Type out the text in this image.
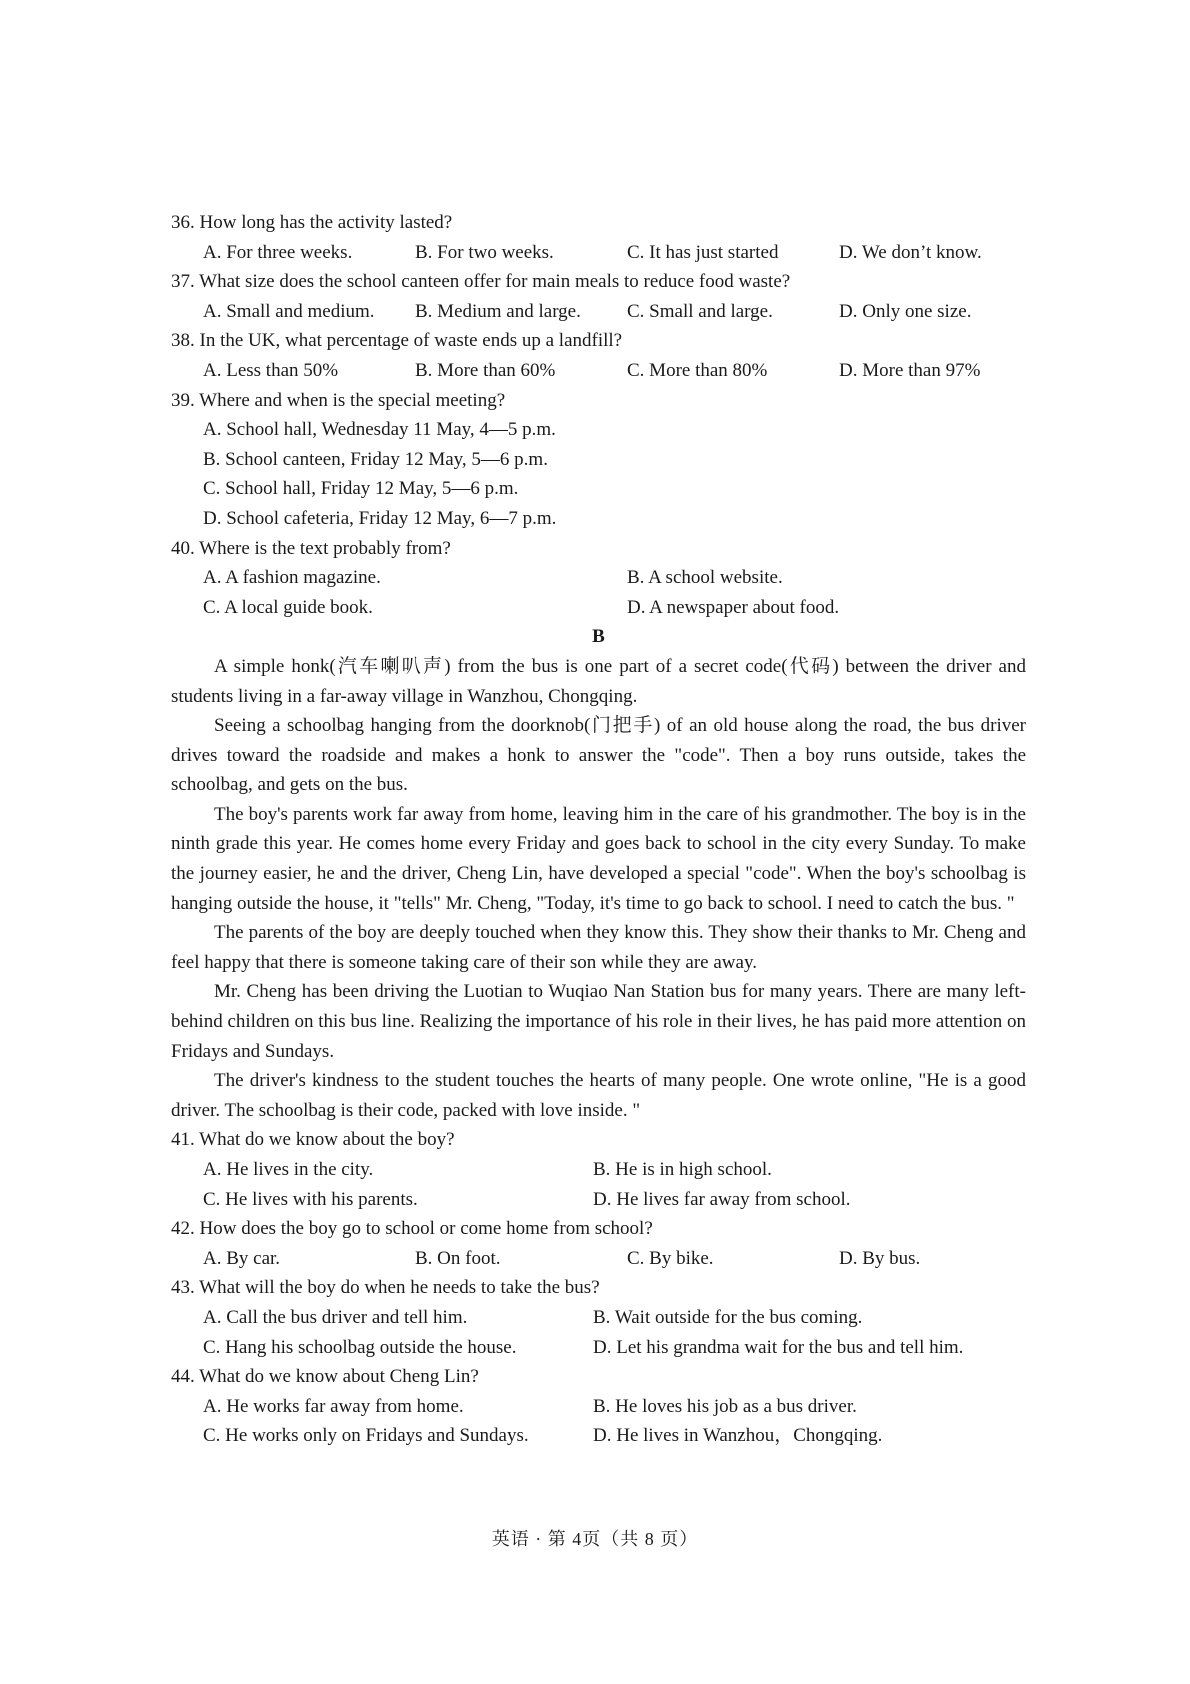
36. How long has the activity lasted?
A. For three weeks.	B. For two weeks.	C. It has just started	D. We don’t know.
37. What size does the school canteen offer for main meals to reduce food waste?
A. Small and medium.	B. Medium and large.	C. Small and large.	D. Only one size.
38. In the UK, what percentage of waste ends up a landfill?
A. Less than 50%	B. More than 60%	C. More than 80%	D. More than 97%
39. Where and when is the special meeting?
A. School hall, Wednesday 11 May, 4—5 p.m.
B. School canteen, Friday 12 May, 5—6 p.m.
C. School hall, Friday 12 May, 5—6 p.m.
D. School cafeteria, Friday 12 May, 6—7 p.m.
40. Where is the text probably from?
A. A fashion magazine.	B. A school website.
C. A local guide book.	D. A newspaper about food.
B

A simple honk(汽车喇叭声) from the bus is one part of a secret code(代码) between the driver and students living in a far-away village in Wanzhou, Chongqing.

Seeing a schoolbag hanging from the doorknob(门把手) of an old house along the road, the bus driver drives toward the roadside and makes a honk to answer the "code". Then a boy runs outside, takes the schoolbag, and gets on the bus.

The boy's parents work far away from home, leaving him in the care of his grandmother. The boy is in the ninth grade this year. He comes home every Friday and goes back to school in the city every Sunday. To make the journey easier, he and the driver, Cheng Lin, have developed a special "code". When the boy's schoolbag is hanging outside the house, it "tells" Mr. Cheng, "Today, it's time to go back to school. I need to catch the bus. "

The parents of the boy are deeply touched when they know this. They show their thanks to Mr. Cheng and feel happy that there is someone taking care of their son while they are away.

Mr. Cheng has been driving the Luotian to Wuqiao Nan Station bus for many years. There are many left-behind children on this bus line. Realizing the importance of his role in their lives, he has paid more attention on Fridays and Sundays.

The driver's kindness to the student touches the hearts of many people. One wrote online, "He is a good driver. The schoolbag is their code, packed with love inside. "

41. What do we know about the boy?
A. He lives in the city.	B. He is in high school.
C. He lives with his parents.	D. He lives far away from school.
42. How does the boy go to school or come home from school?
A. By car.	B. On foot.	C. By bike.	D. By bus.
43. What will the boy do when he needs to take the bus?
A. Call the bus driver and tell him.	B. Wait outside for the bus coming.
C. Hang his schoolbag outside the house.	D. Let his grandma wait for the bus and tell him.
44. What do we know about Cheng Lin?
A. He works far away from home.	B. He loves his job as a bus driver.
C. He works only on Fridays and Sundays.	D. He lives in Wanzhou，Chongqing.
英语 · 第 4页（共 8 页）
